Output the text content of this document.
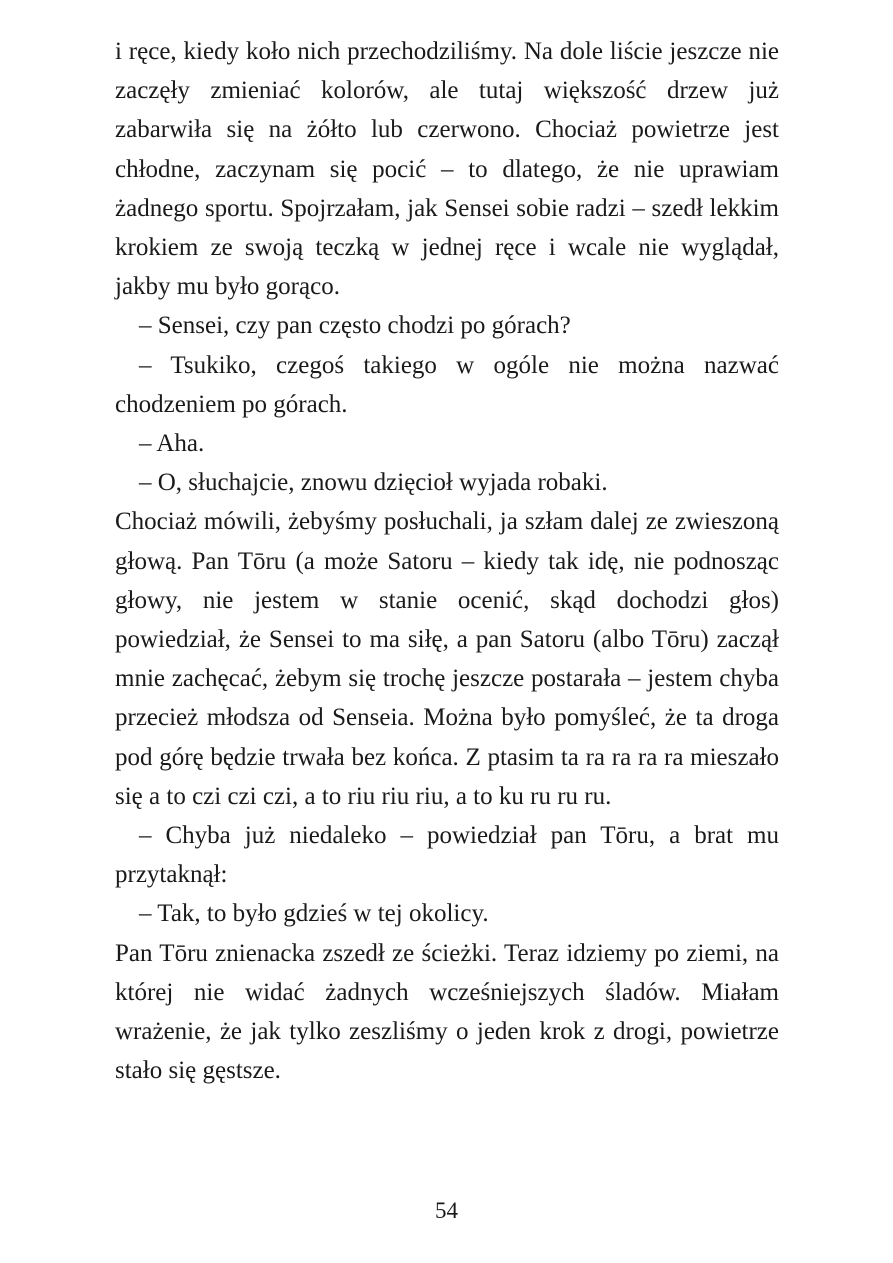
i ręce, kiedy koło nich przechodziliśmy. Na dole liście jeszcze nie zaczęły zmieniać kolorów, ale tutaj większość drzew już zabarwiła się na żółto lub czerwono. Chociaż powietrze jest chłodne, zaczynam się pocić – to dlatego, że nie uprawiam żadnego sportu. Spojrzałam, jak Sensei sobie radzi – szedł lekkim krokiem ze swoją teczką w jednej ręce i wcale nie wyglądał, jakby mu było gorąco.

– Sensei, czy pan często chodzi po górach?

– Tsukiko, czegoś takiego w ogóle nie można nazwać chodzeniem po górach.

– Aha.

– O, słuchajcie, znowu dzięcioł wyjada robaki.

Chociaż mówili, żebyśmy posłuchali, ja szłam dalej ze zwieszoną głową. Pan Tōru (a może Satoru – kiedy tak idę, nie podnosząc głowy, nie jestem w stanie ocenić, skąd dochodzi głos) powiedział, że Sensei to ma siłę, a pan Satoru (albo Tōru) zaczął mnie zachęcać, żebym się trochę jeszcze postarała – jestem chyba przecież młodsza od Senseia. Można było pomyśleć, że ta droga pod górę będzie trwała bez końca. Z ptasim ta ra ra ra ra mieszało się a to czi czi czi, a to riu riu riu, a to ku ru ru ru.

– Chyba już niedaleko – powiedział pan Tōru, a brat mu przytaknął:

– Tak, to było gdzieś w tej okolicy.

Pan Tōru znienacka zszedł ze ścieżki. Teraz idziemy po ziemi, na której nie widać żadnych wcześniejszych śladów. Miałam wrażenie, że jak tylko zeszliśmy o jeden krok z drogi, powietrze stało się gęstsze.

54
